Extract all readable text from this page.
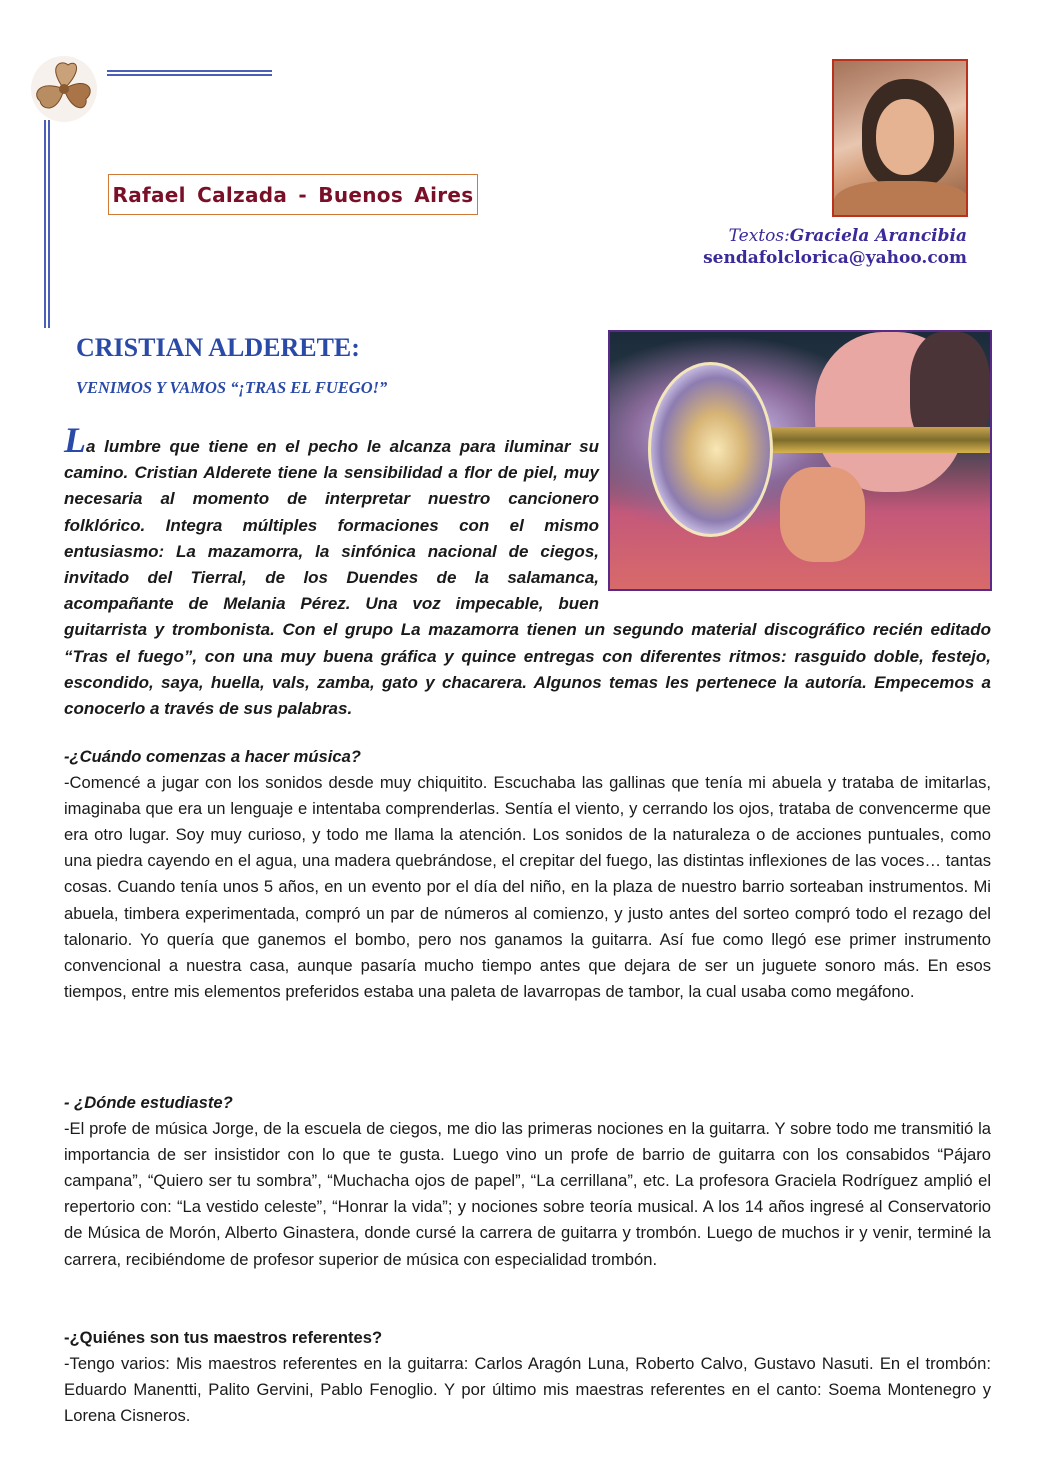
Rafael Calzada - Buenos Aires
Textos:Graciela Arancibia
sendafolclorica@yahoo.com
CRISTIAN ALDERETE:
VENIMOS Y VAMOS “¡TRAS EL FUEGO!”

La lumbre que tiene en el pecho le alcanza para iluminar su camino. Cristian Alderete tiene la sensibilidad a flor de piel, muy necesaria al momento de interpretar nuestro cancionero folklórico. Integra múltiples formaciones con el mismo entusiasmo: La mazamorra, la sinfónica nacional de ciegos, invitado del Tierral, de los Duendes de la salamanca, acompañante de Melania Pérez. Una voz impecable, buen guitarrista y trombonista. Con el grupo La mazamorra tienen un segundo material discográfico recién editado “Tras el fuego”, con una muy buena gráfica y quince entregas con diferentes ritmos: rasguido doble, festejo, escondido, saya, huella, vals, zamba, gato y chacarera. Algunos temas les pertenece la autoría. Empecemos a conocerlo a través de sus palabras.

-¿Cuándo comenzas a hacer música?
-Comencé a jugar con los sonidos desde muy chiquitito. Escuchaba las gallinas que tenía mi abuela y trataba de imitarlas, imaginaba que era un lenguaje e intentaba comprenderlas. Sentía el viento, y cerrando los ojos, trataba de convencerme que era otro lugar. Soy muy curioso, y todo me llama la atención. Los sonidos de la naturaleza o de acciones puntuales, como una piedra cayendo en el agua, una madera quebrándose, el crepitar del fuego, las distintas inflexiones de las voces… tantas cosas. Cuando tenía unos 5 años, en un evento por el día del niño, en la plaza de nuestro barrio sorteaban instrumentos. Mi abuela, timbera experimentada, compró un par de números al comienzo, y justo antes del sorteo compró todo el rezago del talonario. Yo quería que ganemos el bombo, pero nos ganamos la guitarra. Así fue como llegó ese primer instrumento convencional a nuestra casa, aunque pasaría mucho tiempo antes que dejara de ser un juguete sonoro más. En esos tiempos, entre mis elementos preferidos estaba una paleta de lavarropas de tambor, la cual usaba como megáfono.
- ¿Dónde estudiaste?
-El profe de música Jorge, de la escuela de ciegos, me dio las primeras nociones en la guitarra. Y sobre todo me transmitió la importancia de ser insistidor con lo que te gusta. Luego vino un profe de barrio de guitarra con los consabidos “Pájaro campana”, “Quiero ser tu sombra”, “Muchacha ojos de papel”, “La cerrillana”, etc. La profesora Graciela Rodríguez amplió el repertorio con: “La vestido celeste”, “Honrar la vida”; y nociones sobre teoría musical. A los 14 años ingresé al Conservatorio de Música de Morón, Alberto Ginastera, donde cursé la carrera de guitarra y trombón. Luego de muchos ir y venir, terminé la carrera, recibiéndome de profesor superior de música con especialidad trombón.
-¿Quiénes son tus maestros referentes?
-Tengo varios: Mis maestros referentes en la guitarra: Carlos Aragón Luna, Roberto Calvo, Gustavo Nasuti. En el trombón: Eduardo Manentti, Palito Gervini, Pablo Fenoglio. Y por último mis maestras referentes en el canto: Soema Montenegro y Lorena Cisneros.
